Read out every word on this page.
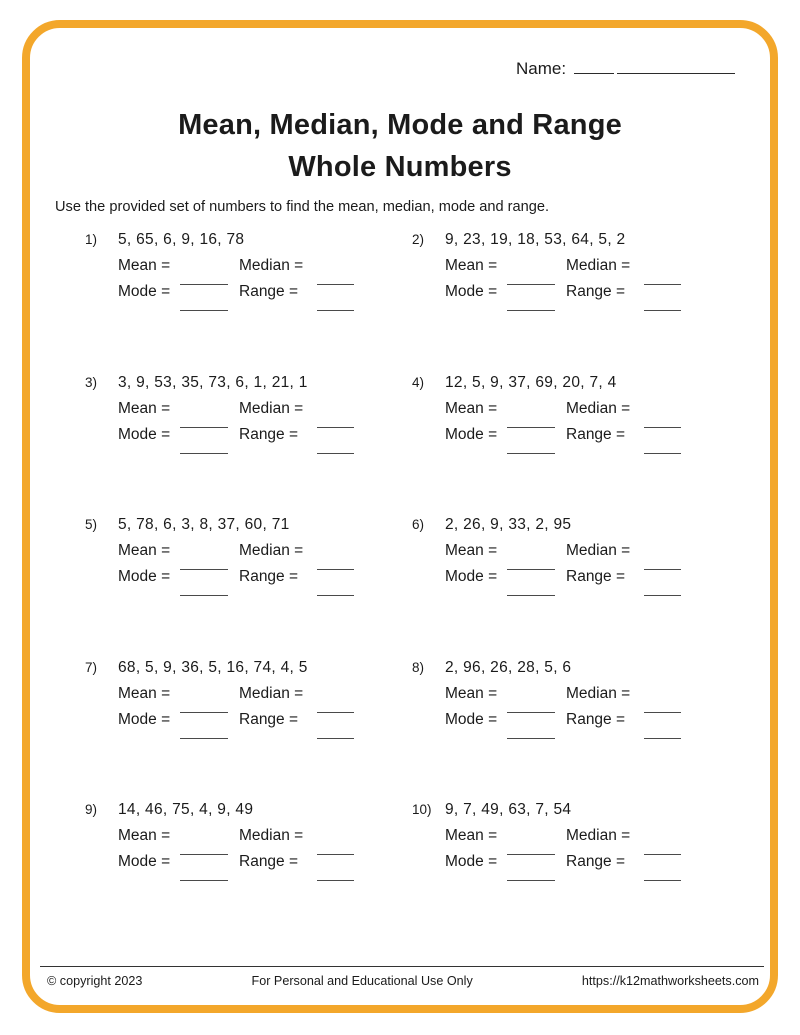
Name:
Mean, Median, Mode and Range
Whole Numbers
Use the provided set of numbers to find the mean, median, mode and range.
1)	5, 65, 6, 9, 16, 78
Mean =	Median =
Mode =	Range =
2)	9, 23, 19, 18, 53, 64, 5, 2
Mean =	Median =
Mode =	Range =
3)	3, 9, 53, 35, 73, 6, 1, 21, 1
Mean =	Median =
Mode =	Range =
4)	12, 5, 9, 37, 69, 20, 7, 4
Mean =	Median =
Mode =	Range =
5)	5, 78, 6, 3, 8, 37, 60, 71
Mean =	Median =
Mode =	Range =
6)	2, 26, 9, 33, 2, 95
Mean =	Median =
Mode =	Range =
7)	68, 5, 9, 36, 5, 16, 74, 4, 5
Mean =	Median =
Mode =	Range =
8)	2, 96, 26, 28, 5, 6
Mean =	Median =
Mode =	Range =
9)	14, 46, 75, 4, 9, 49
Mean =	Median =
Mode =	Range =
10) 9, 7, 49, 63, 7, 54
Mean =	Median =
Mode =	Range =
© copyright 2023	For Personal and Educational Use Only	https://k12mathworksheets.com
